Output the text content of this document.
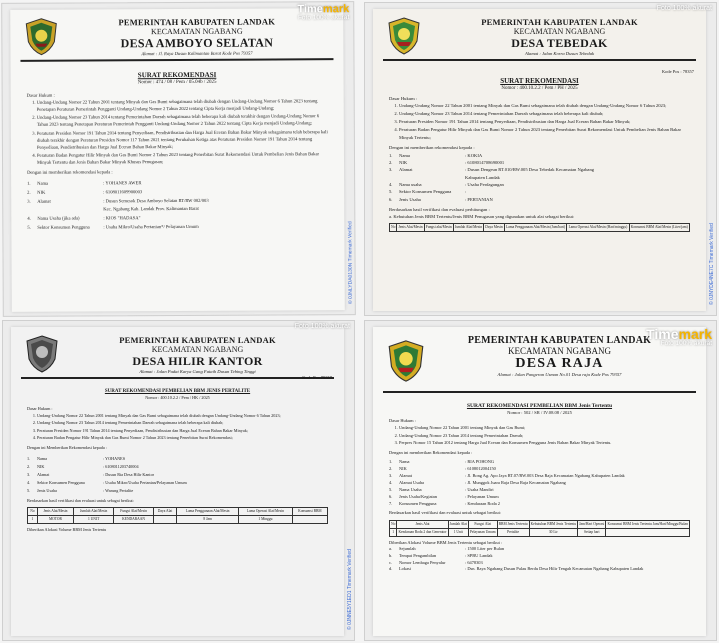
PEMERINTAH KABUPATEN LANDAK
KECAMATAN NGABANG
DESA AMBOYO SELATAN
Alamat : Jl. Raya Dusun Kalimantan Barat Kode Pos 79357
SURAT REKOMENDASI
Nomor : 474 / 08 / Pem / 05.04b / 2025
Dasar Hukum :
1. Undang-Undang Nomor 22 Tahun 2001 tentang Minyak dan Gas Bumi sebagaimana telah diubah dengan Undang-Undang Nomor 6 Tahun 2023 tentang Penetapan Peraturan Pemerintah Pengganti Undang-Undang Nomor 2 Tahun 2022 tentang Cipta Kerja menjadi Undang-Undang;
2. Undang-Undang Nomor 23 Tahun 2014 tentang Pemerintahan Daerah sebagaimana telah beberapa kali diubah terakhir dengan Undang-Undang Nomor 6 Tahun 2023 tentang Penetapan Peraturan Pemerintah Pengganti Undang-Undang Nomor 2 Tahun 2022 tentang Cipta Kerja menjadi Undang-Undang;
3. Peraturan Presiden Nomor 191 Tahun 2014 tentang Penyediaan, Pendistribusian dan Harga Jual Eceran Bahan Bakar Minyak sebagaimana telah beberapa kali diubah terakhir dengan Peraturan Presiden Nomor 117 Tahun 2021 tentang Perubahan Ketiga atas Peraturan Presiden Nomor 191 Tahun 2014 tentang Penyediaan, Pendistribusian dan Harga Jual Eceran Bahan Bakar Minyak;
4. Peraturan Badan Pengatur Hilir Minyak dan Gas Bumi Nomor 2 Tahun 2023 tentang Penerbitan Surat Rekomendasi Untuk Pembelian Jenis Bahan Bakar Minyak Tertentu dan Jenis Bahan Bakar Minyak Khusus Penugasan;
Dengan ini memberikan rekomendasi kepada :
1.	Nama	: YOHANES AWER
2.	NIK	: 6108011609900003
3.	Alamat	: Dusun Semesok Desa Amboyo Selatan RT/RW 002/003
Kec. Ngabang Kab. Landak Prov. Kalimantan Barat
4.	Nama Usaha (jika ada)	: KIOS "HADASA"
5.	Sektor Konsumen Pengguna	: Usaha Mikro/Usaha Pertanian*/ Pelayanan Umum
Timemark
Foto 100% akurat
© 0JNLYDA0130N Timemark Verified
PEMERINTAH KABUPATEN LANDAK
KECAMATAN NGABANG
DESA TEBEDAK
Alamat : Jalan Korra Dusun Tebedak
Kode Pos : 78357
SURAT REKOMENDASI
Nomor : 400.10.2.2 / Pem / PH / 2025
Dasar Hukum :
1. Undang-Undang Nomor 22 Tahun 2001 tentang Minyak dan Gas Bumi sebagaimana telah diubah dengan Undang-Undang Nomor 6 Tahun 2023;
2. Undang-Undang Nomor 23 Tahun 2014 tentang Pemerintahan Daerah sebagaimana telah beberapa kali diubah;
3. Peraturan Presiden Nomor 191 Tahun 2014 tentang Penyediaan, Pendistribusian dan Harga Jual Eceran Bahan Bakar Minyak;
4. Peraturan Badan Pengatur Hilir Minyak dan Gas Bumi Nomor 2 Tahun 2023 tentang Penerbitan Surat Rekomendasi Untuk Pembelian Jenis Bahan Bakar Minyak Tertentu;
Dengan ini memberikan rekomendasi kepada :
1.	Nama	: KOKIA
2.	NIK	: 6108014708690001
3.	Alamat	: Dusun Dengeun RT.010/RW.005 Desa Tebedak Kecamatan Ngabang
Kabupaten Landak
4.	Nama usaha	: Usaha Perdagangan
5.	Sektor Konsumen Pengguna	:
6.	Jenis Usaha	: PERTANIAN
Berdasarkan hasil verifikasi dan evaluasi perhitungan :
a. Kebutuhan Jenis BBM Tertentu/Jenis BBM Penugasan yang digunakan untuk alat sebagai berikut:
No	Jenis Alat/Mesin	Fungsi alat/Mesin	Jumlah Alat/Mesin	Daya Mesin	Lama Penggunaan Alat/Mesin (Jam/hari)	Lama Operasi Alat/Mesin (Hari/minggu)	Konsumsi BBM Alat/Mesin (Liter/jam)
Foto 100% akurat
© 0JNYDE4NE7C Timemark Verified
PEMERINTAH KABUPATEN LANDAK
KECAMATAN NGABANG
DESA HILIR KANTOR
Alamat : Jalan Padat Karya Gang Fataih Dusun Tebing Tinggi
Kode Pos 79357
SURAT REKOMENDASI PEMBELIAN BBM JENIS PERTALITE
Nomor : 400.10.2.2 / Pem / HK / 2025
Dasar Hukum :
1. Undang-Undang Nomor 22 Tahun 2001 tentang Minyak dan Gas Bumi sebagaimana telah diubah dengan Undang-Undang Nomor 6 Tahun 2023;
2. Undang-Undang Nomor 23 Tahun 2014 tentang Pemerintahan Daerah sebagaimana telah beberapa kali diubah;
3. Peraturan Presiden Nomor 191 Tahun 2014 tentang Penyediaan, Pendistribusian dan Harga Jual Eceran Bahan Bakar Minyak;
4. Peraturan Badan Pengatur Hilir Minyak dan Gas Bumi Nomor 2 Tahun 2023 tentang Penerbitan Surat Rekomendasi;
Dengan ini Memberikan Rekomendasi kepada :
1.	Nama	: YOHANES
2.	NIK	: 6108011203740004
3.	Alamat	: Dusun Ria Desa Hilir Kantor
4.	Sektor Konsumen Pengguna	: Usaha Mikro/Usaha Pertanian/Pelayanan Umum
5.	Jenis Usaha	: Warung Pertalite
Berdasarkan hasil verifikasi dan evaluasi untuk sebagai berikut:
No	Jenis Alat/Mesin	Jumlah Alat/Mesin	Fungsi Alat/Mesin	Daya Alat	Lama Penggunaan Alat/Mesin	Lama Operasi Alat/Mesin	Konsumsi BBM
1	MOTOR	1 UNIT	KENDARAAN		8 Jam	1 Minggu	
Diberikan Alokasi Volume BBM Jenis Tertentu
Foto 100% akurat
© 0JNNE5Y1ED1 Timemark Verified
PEMERINTAH KABUPATEN LANDAK
KECAMATAN NGABANG
DESA RAJA
Alamat : Jalan Pangeran Usman No.01 Desa raja Kode Pos 79357
SURAT REKOMENDASI PEMBELIAN BBM Jenis Tertentu
Nomor : 502 / SR / IV.08.08 / 2025
Dasar Hukum :
1. Undang-Undang Nomor 22 Tahun 2001 tentang Minyak dan Gas Bumi;
2. Undang-Undang Nomor 23 Tahun 2014 tentang Pemerintahan Daerah;
3. Perpres Nomor 15 Tahun 2012 tentang Harga Jual Eceran dan Konsumen Pengguna Jenis Bahan Bakar Minyak Tertentu.
Dengan ini memberikan Rekomendasi kepada :
1.	Nama	: RIA POHONG
2.	NIK	: 6108012004150
3.	Alamat	: Jl. Bong Ag. Apo Jaya RT.07/RW.003 Desa Raja Kecamatan Ngabang Kabupaten Landak
4.	Alamat Usaha	: Jl. Munggok Juara Raja Desa Raja Kecamatan Ngabang
5.	Nama Usaha	: Usaha Mandiri
6.	Jenis Usaha/Kegiatan	: Pelayanan Umum
7.	Konsumen Pengguna	: Kendaraan Roda 2
Berdasarkan hasil verifikasi dan evaluasi untuk sebagai berikut:
No	Jenis Alat	Jumlah Alat	Fungsi Alat	BBM Jenis Tertentu	Kebutuhan BBM Jenis Tertentu	Jam/Hari Operasi	Konsumsi BBM Jenis Tertentu Jam/Hari/Minggu/Bulan
1	Kendaraan Roda 2 dan Generator	1 Unit	Pelayanan Umum	Pertalite	30 Ltr	Setiap hari	
Diberikan Alokasi Volume BBM Jenis Tertentu sebagai berikut :
a.	Sejumlah	: 1500 Liter per Bulan
b.	Tempat Pengambilan	: SPBU Landak
c.	Nomor Lembaga Penyalur	: 6478303
d.	Lokasi	: Dsn. Raya Ngabang Dusun Pulau Berdu Desa Hilir Tengah Kecamatan Ngabang Kabupaten Landak
Timemark
Foto 100% akurat
